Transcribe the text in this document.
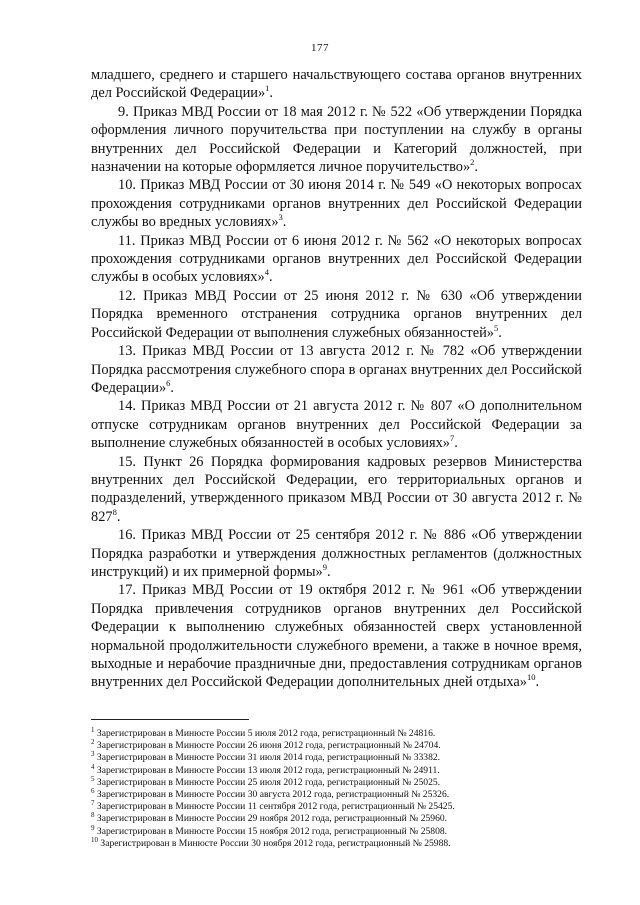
177

младшего, среднего и старшего начальствующего состава органов внутренних дел Российской Федерации»$^1$.

9. Приказ МВД России от 18 мая 2012 г. № 522 «Об утверждении Порядка оформления личного поручительства при поступлении на службу в органы внутренних дел Российской Федерации и Категорий должностей, при назначении на которые оформляется личное поручительство»$^2$.

10. Приказ МВД России от 30 июня 2014 г. № 549 «О некоторых вопросах прохождения сотрудниками органов внутренних дел Российской Федерации службы во вредных условиях»$^3$.

11. Приказ МВД России от 6 июня 2012 г. № 562 «О некоторых вопросах прохождения сотрудниками органов внутренних дел Российской Федерации службы в особых условиях»$^4$.

12. Приказ МВД России от 25 июня 2012 г. № 630 «Об утверждении Порядка временного отстранения сотрудника органов внутренних дел Российской Федерации от выполнения служебных обязанностей»$^5$.

13. Приказ МВД России от 13 августа 2012 г. № 782 «Об утверждении Порядка рассмотрения служебного спора в органах внутренних дел Российской Федерации»$^6$.

14. Приказ МВД России от 21 августа 2012 г. № 807 «О дополнительном отпуске сотрудникам органов внутренних дел Российской Федерации за выполнение служебных обязанностей в особых условиях»$^7$.

15. Пункт 26 Порядка формирования кадровых резервов Министерства внутренних дел Российской Федерации, его территориальных органов и подразделений, утвержденного приказом МВД России от 30 августа 2012 г. № $827^8$.

16. Приказ МВД России от 25 сентября 2012 г. № 886 «Об утверждении Порядка разработки и утверждения должностных регламентов (должностных инструкций) и их примерной формы»$^9$.

17. Приказ МВД России от 19 октября 2012 г. № 961 «Об утверждении Порядка привлечения сотрудников органов внутренних дел Российской Федерации к выполнению служебных обязанностей сверх установленной нормальной продолжительности служебного времени, а также в ночное время, выходные и нерабочие праздничные дни, предоставления сотрудникам органов внутренних дел Российской Федерации дополнительных дней отдыха»$^{10}$.

$^1$ Зарегистрирован в Минюсте России 5 июля 2012 года, регистрационный № 24816.

$^2$ Зарегистрирован в Минюсте России 26 июня 2012 года, регистрационный № 24704.

$^3$ Зарегистрирован в Минюсте России 31 июля 2014 года, регистрационный № 33382.

$^4$ Зарегистрирован в Минюсте России 13 июля 2012 года, регистрационный № 24911.

$^5$ Зарегистрирован в Минюсте России 25 июля 2012 года, регистрационный № 25025.

$^6$ Зарегистрирован в Минюсте России 30 августа 2012 года, регистрационный № 25326.

$^7$ Зарегистрирован в Минюсте России 11 сентября 2012 года, регистрационный № 25425.

$^8$ Зарегистрирован в Минюсте России 29 ноября 2012 года, регистрационный № 25960.

$^9$ Зарегистрирован в Минюсте России 15 ноября 2012 года, регистрационный № 25808.

$^{10}$ Зарегистрирован в Минюсте России 30 ноября 2012 года, регистрационный № 25988.
